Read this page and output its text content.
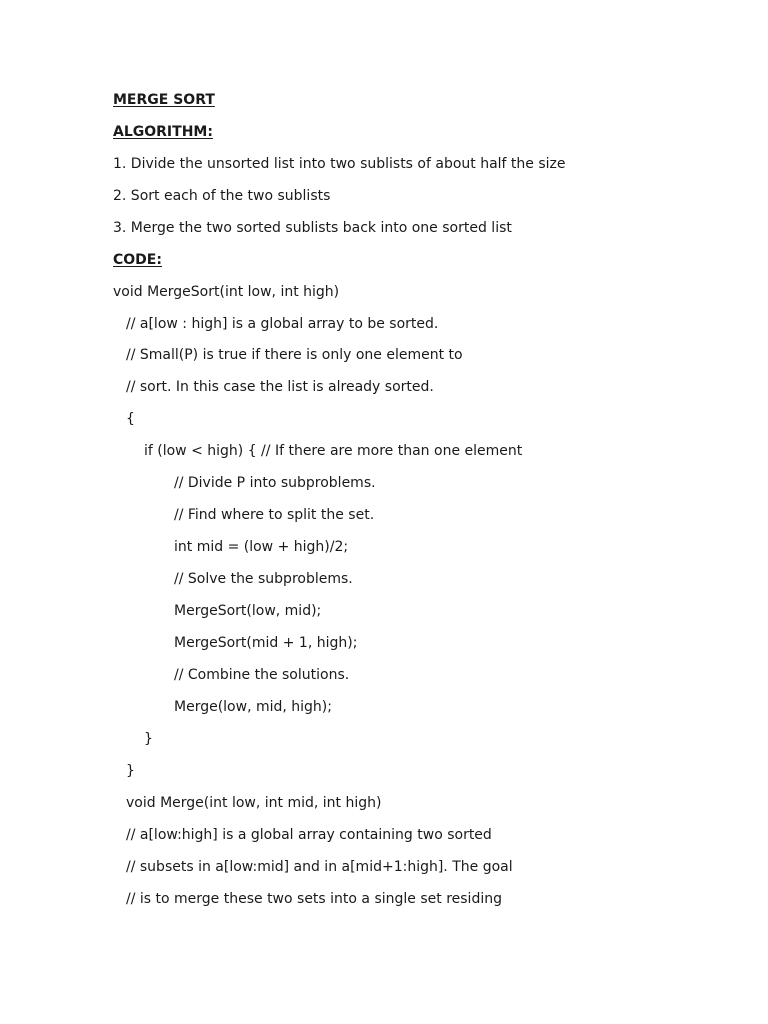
MERGE SORT
ALGORITHM:
1. Divide the unsorted list into two sublists of about half the size
2. Sort each of the two sublists
3. Merge the two sorted sublists back into one sorted list
CODE:
void MergeSort(int low, int high)
// a[low : high] is a global array to be sorted.
// Small(P) is true if there is only one element to
// sort. In this case the list is already sorted.
{
if (low < high) { // If there are more than one element
// Divide P into subproblems.
// Find where to split the set.
int mid = (low + high)/2;
// Solve the subproblems.
MergeSort(low, mid);
MergeSort(mid + 1, high);
// Combine the solutions.
Merge(low, mid, high);
}
}
void Merge(int low, int mid, int high)
// a[low:high] is a global array containing two sorted
// subsets in a[low:mid] and in a[mid+1:high]. The goal
// is to merge these two sets into a single set residing
